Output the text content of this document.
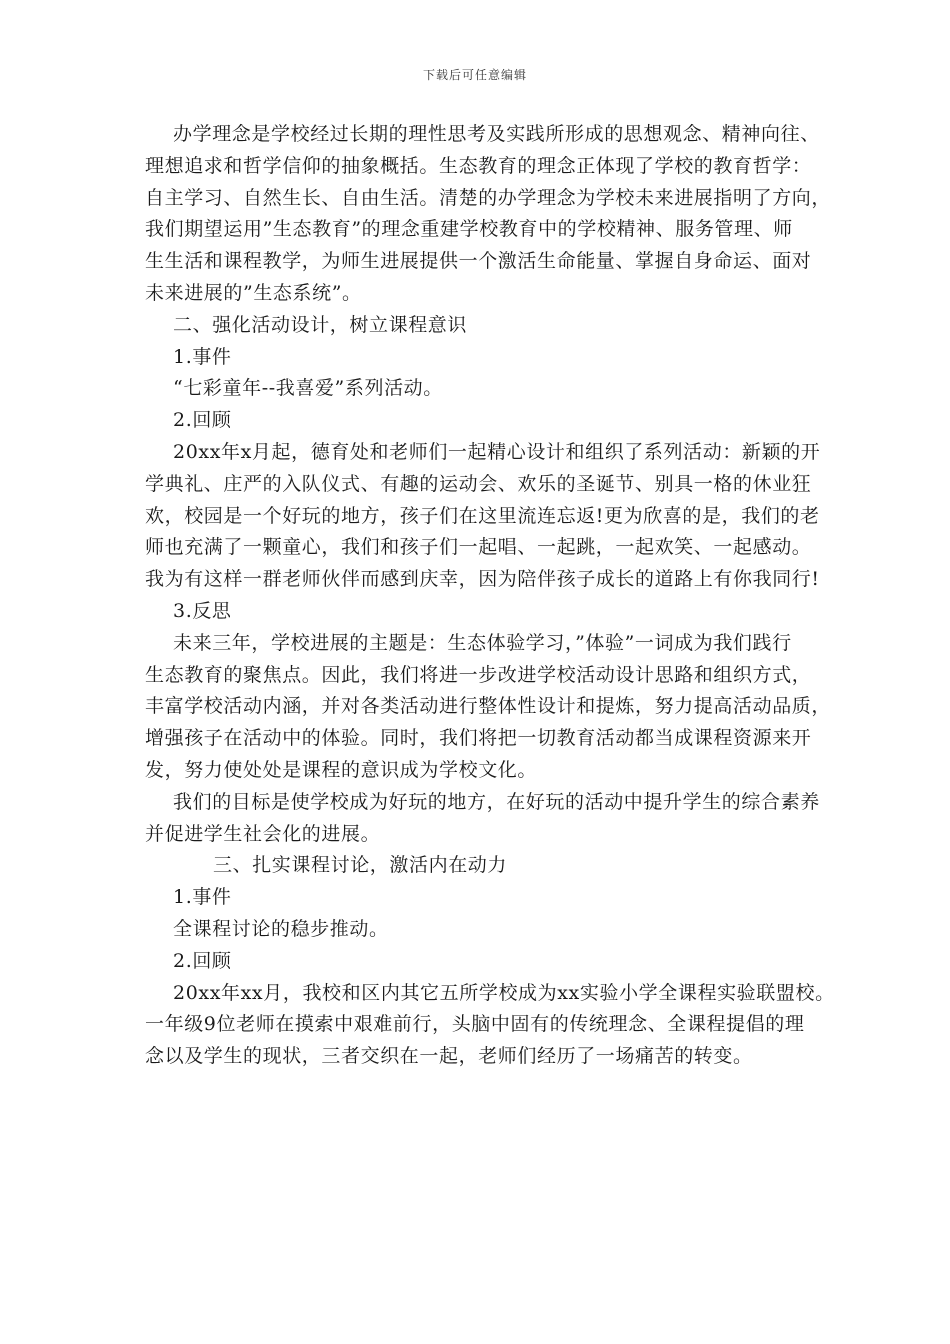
下载后可任意编辑
办学理念是学校经过长期的理性思考及实践所形成的思想观念、精神向往、
理想追求和哲学信仰的抽象概括。生态教育的理念正体现了学校的教育哲学：
自主学习、自然生长、自由生活。清楚的办学理念为学校未来进展指明了方向，
我们期望运用”生态教育”的理念重建学校教育中的学校精神、服务管理、师
生生活和课程教学，为师生进展提供一个激活生命能量、掌握自身命运、面对
未来进展的”生态系统”。
二、强化活动设计，树立课程意识
1.事件
“七彩童年--我喜爱”系列活动。
2.回顾
20xx年x月起，德育处和老师们一起精心设计和组织了系列活动：新颖的开
学典礼、庄严的入队仪式、有趣的运动会、欢乐的圣诞节、别具一格的休业狂
欢，校园是一个好玩的地方，孩子们在这里流连忘返!更为欣喜的是，我们的老
师也充满了一颗童心，我们和孩子们一起唱、一起跳，一起欢笑、一起感动。
我为有这样一群老师伙伴而感到庆幸，因为陪伴孩子成长的道路上有你我同行!
3.反思
未来三年，学校进展的主题是：生态体验学习，”体验”一词成为我们践行
生态教育的聚焦点。因此，我们将进一步改进学校活动设计思路和组织方式，
丰富学校活动内涵，并对各类活动进行整体性设计和提炼，努力提高活动品质，
增强孩子在活动中的体验。同时，我们将把一切教育活动都当成课程资源来开
发，努力使处处是课程的意识成为学校文化。
我们的目标是使学校成为好玩的地方，在好玩的活动中提升学生的综合素养
并促进学生社会化的进展。
三、扎实课程讨论，激活内在动力
1.事件
全课程讨论的稳步推动。
2.回顾
20xx年xx月，我校和区内其它五所学校成为xx实验小学全课程实验联盟校。
一年级9位老师在摸索中艰难前行，头脑中固有的传统理念、全课程提倡的理
念以及学生的现状，三者交织在一起，老师们经历了一场痛苦的转变。
